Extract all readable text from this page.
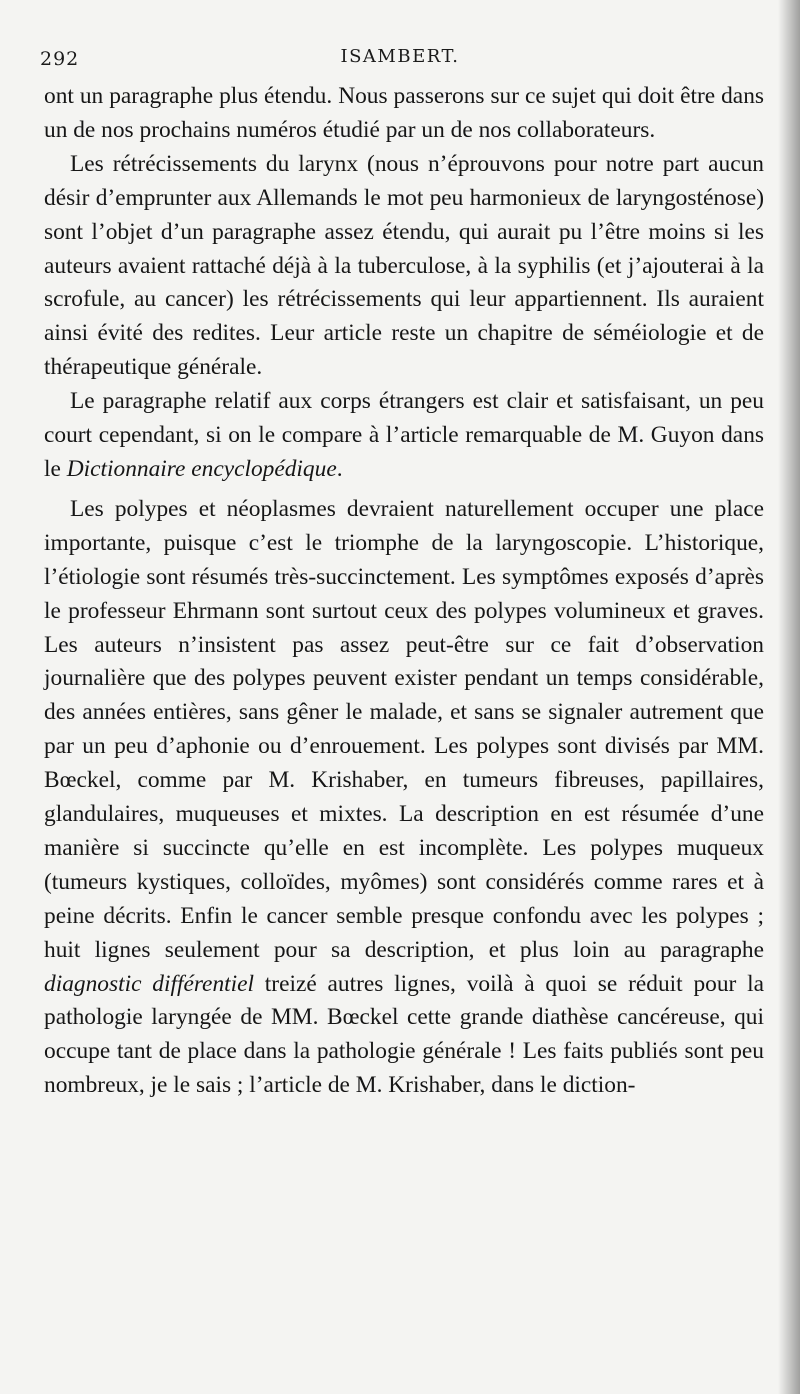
292	ISAMBERT.

ont un paragraphe plus étendu. Nous passerons sur ce sujet qui doit être dans un de nos prochains numéros étudié par un de nos collaborateurs.

Les rétrécissements du larynx (nous n’éprouvons pour notre part aucun désir d’emprunter aux Allemands le mot peu harmonieux de laryngosténose) sont l’objet d’un paragraphe assez étendu, qui aurait pu l’être moins si les auteurs avaient rattaché déjà à la tuberculose, à la syphilis (et j’ajouterai à la scrofule, au cancer) les rétrécissements qui leur appartiennent. Ils auraient ainsi évité des redites. Leur article reste un chapitre de séméiologie et de thérapeutique générale.

Le paragraphe relatif aux corps étrangers est clair et satisfaisant, un peu court cependant, si on le compare à l’article remarquable de M. Guyon dans le Dictionnaire encyclopédique.

Les polypes et néoplasmes devraient naturellement occuper une place importante, puisque c’est le triomphe de la laryngoscopie. L’historique, l’étiologie sont résumés très-succinctement. Les symptômes exposés d’après le professeur Ehrmann sont surtout ceux des polypes volumineux et graves. Les auteurs n’insistent pas assez peut-être sur ce fait d’observation journalière que des polypes peuvent exister pendant un temps considérable, des années entières, sans gêner le malade, et sans se signaler autrement que par un peu d’aphonie ou d’enrouement. Les polypes sont divisés par MM. Bœckel, comme par M. Krishaber, en tumeurs fibreuses, papillaires, glandulaires, muqueuses et mixtes. La description en est résumée d’une manière si succincte qu’elle en est incomplète. Les polypes muqueux (tumeurs kystiques, colloïdes, myômes) sont considérés comme rares et à peine décrits. Enfin le cancer semble presque confondu avec les polypes ; huit lignes seulement pour sa description, et plus loin au paragraphe diagnostic différentiel treizé autres lignes, voilà à quoi se réduit pour la pathologie laryngée de MM. Bœckel cette grande diathèse cancéreuse, qui occupe tant de place dans la pathologie générale ! Les faits publiés sont peu nombreux, je le sais ; l’article de M. Krishaber, dans le diction-
